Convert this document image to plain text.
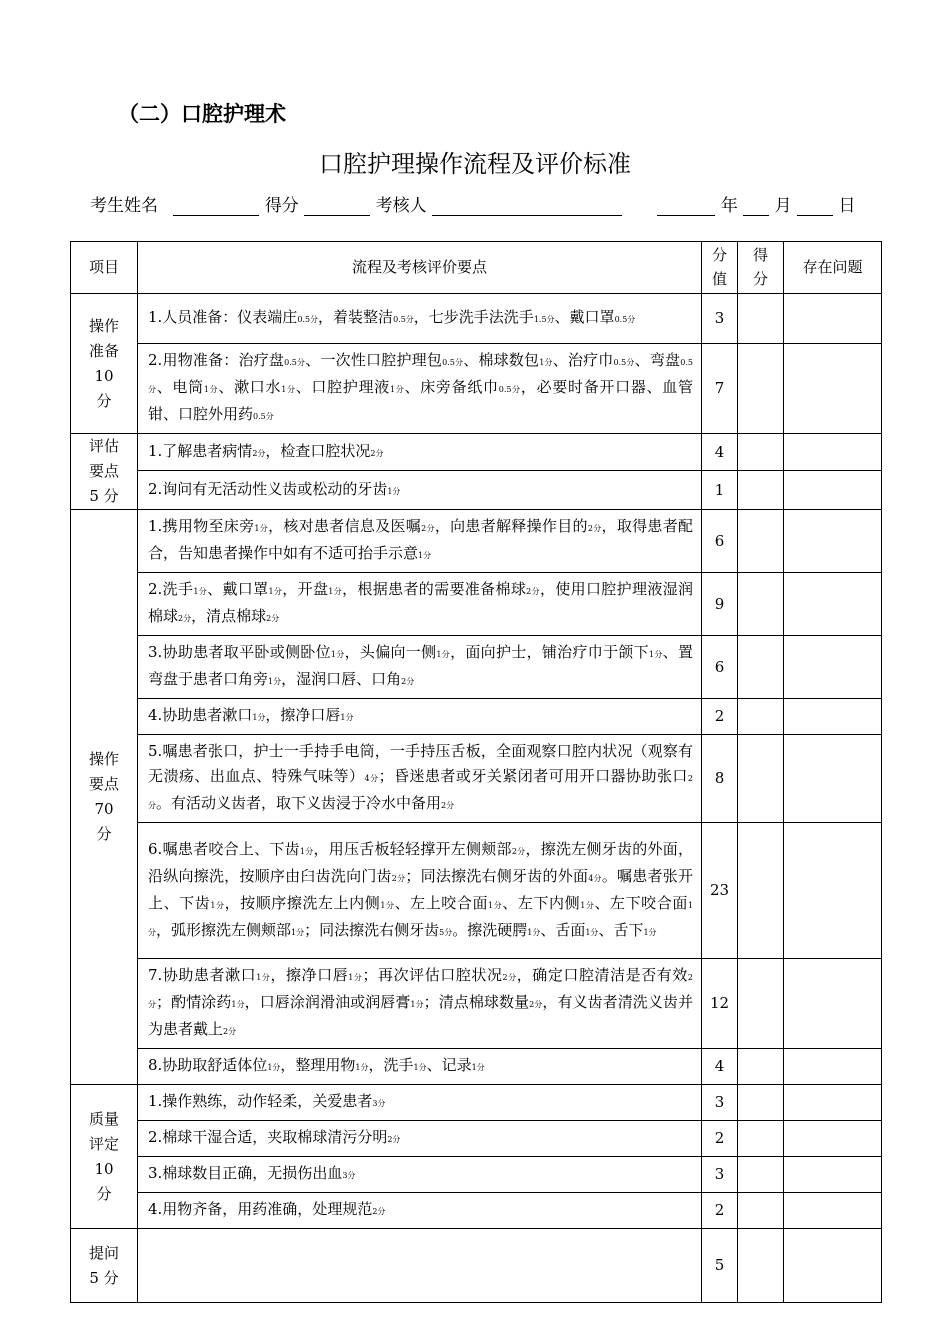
（二）口腔护理术
口腔护理操作流程及评价标准
考生姓名	得分	考核人	年 月	日
项目	流程及考核评价要点	分值	得分	存在问题
操作准备10 分	1.人员准备：仪表端庄0.5分，着装整洁0.5分，七步洗手法洗手1.5分、戴口罩0.5分	3		
	2.用物准备：治疗盘0.5分、一次性口腔护理包0.5分、棉球数包1分、治疗巾0.5分、弯盘0.5分、电筒1分、漱口水1分、口腔护理液1分、床旁备纸巾0.5分，必要时备开口器、血管钳、口腔外用药0.5分	7		
评估要点5 分	1.了解患者病情2分，检查口腔状况2分	4		
	2.询问有无活动性义齿或松动的牙齿1分	1		
操作要点70 分	1.携用物至床旁1分，核对患者信息及医嘱2分，向患者解释操作目的2分，取得患者配合，告知患者操作中如有不适可抬手示意1分	6		
	2.洗手1分、戴口罩1分，开盘1分，根据患者的需要准备棉球2分，使用口腔护理液湿润棉球2分，清点棉球2分	9		
	3.协助患者取平卧或侧卧位1分，头偏向一侧1分，面向护士，铺治疗巾于颌下1分、置弯盘于患者口角旁1分，湿润口唇、口角2分	6		
	4.协助患者漱口1分，擦净口唇1分	2		
	5.嘱患者张口，护士一手持手电筒，一手持压舌板，全面观察口腔内状况（观察有无溃疡、出血点、特殊气味等）4分；昏迷患者或牙关紧闭者可用开口器协助张口2分。有活动义齿者，取下义齿浸于冷水中备用2分	8		
	6.嘱患者咬合上、下齿1分，用压舌板轻轻撑开左侧颊部2分，擦洗左侧牙齿的外面，沿纵向擦洗，按顺序由臼齿洗向门齿2分；同法擦洗右侧牙齿的外面4分。嘱患者张开上、下齿1分，按顺序擦洗左上内侧1分、左上咬合面1分、左下内侧1分、左下咬合面1分，弧形擦洗左侧颊部1分；同法擦洗右侧牙齿5分。擦洗硬腭1分、舌面1分、舌下1分	23		
	7.协助患者漱口1分，擦净口唇1分；再次评估口腔状况2分，确定口腔清洁是否有效2分；酌情涂药1分，口唇涂润滑油或润唇膏1分；清点棉球数量2分，有义齿者清洗义齿并为患者戴上2分	12		
	8.协助取舒适体位1分，整理用物1分，洗手1分、记录1分	4		
质量评定10 分	1.操作熟练，动作轻柔，关爱患者3分	3		
	2.棉球干湿合适，夹取棉球清污分明2分	2		
	3.棉球数目正确，无损伤出血3分	3		
	4.用物齐备，用药准确，处理规范2分	2		
提问5 分		5		
